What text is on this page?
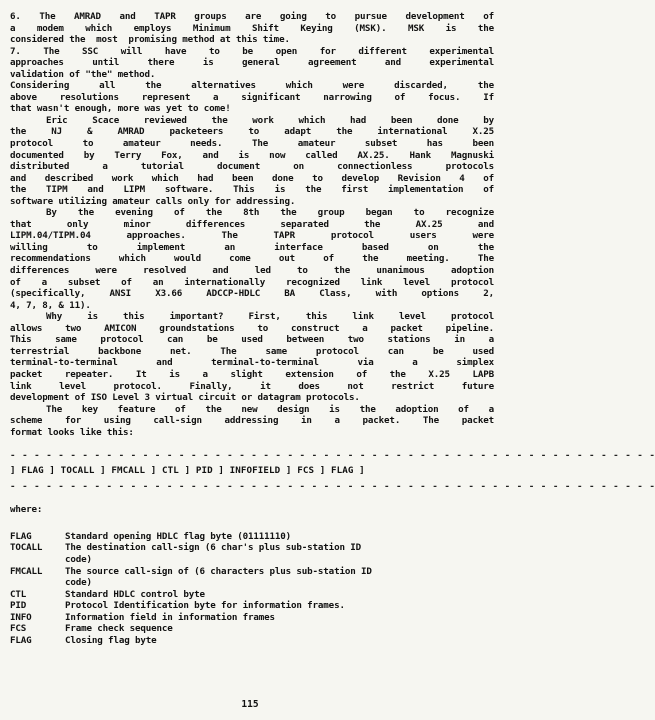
6. The AMRAD and TAPR groups are going to pursue development of
a modem which employs Minimum Shift Keying (MSK). MSK is the
considered the  most  promising method at this time.
7. The SSC will have to be open for different experimental
approaches until there is general agreement and experimental
validation of "the" method.
Considering all the alternatives which were discarded, the
above resolutions represent a significant narrowing of focus. If
that wasn't enough, more was yet to come!
Eric Scace reviewed the work which had been done by
the NJ & AMRAD packeteers to adapt the international X.25
protocol to amateur needs. The amateur subset has been
documented by Terry Fox, and is now called AX.25. Hank Magnuski
distributed a tutorial document on connectionless protocols
and described work which had been done to develop Revision 4 of
the TIPM and LIPM software. This is the first implementation of
software utilizing amateur calls only for addressing.
By the evening of the 8th the group began to recognize
that only minor differences separated the AX.25 and
LIPM.04/TIPM.04 approaches. The TAPR protocol users were
willing to implement an interface based on the
recommendations which would come out of the meeting. The
differences were resolved and led to the unanimous adoption
of a subset of an internationally recognized link level protocol
(specifically, ANSI X3.66 ADCCP-HDLC BA Class, with options 2,
4, 7, 8, & 11).
Why is this important? First, this link level protocol
allows two AMICON groundstations to construct a packet pipeline.
This same protocol can be used between two stations in a
terrestrial backbone net. The same protocol can be used
terminal-to-terminal and terminal-to-terminal via a simplex
packet repeater. It is a slight extension of the X.25 LAPB
link level protocol. Finally, it does not restrict future
development of ISO Level 3 virtual circuit or datagram protocols.
The key feature of the new design is the adoption of a
scheme for using call-sign addressing in a packet. The packet
format looks like this:
- - - - - - - - - - - - - - - - - - - - - - - - - - - - - - - - - - - - - - - - - - - - - - - - - - - - - -
] FLAG ] TOCALL ] FMCALL ] CTL ] PID ] INFOFIELD ] FCS ] FLAG ]
- - - - - - - - - - - - - - - - - - - - - - - - - - - - - - - - - - - - - - - - - - - - - - - - - - - - - -
where:
FLAG	Standard opening HDLC flag byte (01111110)
TOCALL	The destination call-sign (6 char's plus sub-station ID
code)
FMCALL	The source call-sign of (6 characters plus sub-station ID
code)
CTL	Standard HDLC control byte
PID	Protocol Identification byte for information frames.
INFO	Information field in information frames
FCS	Frame check sequence
FLAG	Closing flag byte
115
